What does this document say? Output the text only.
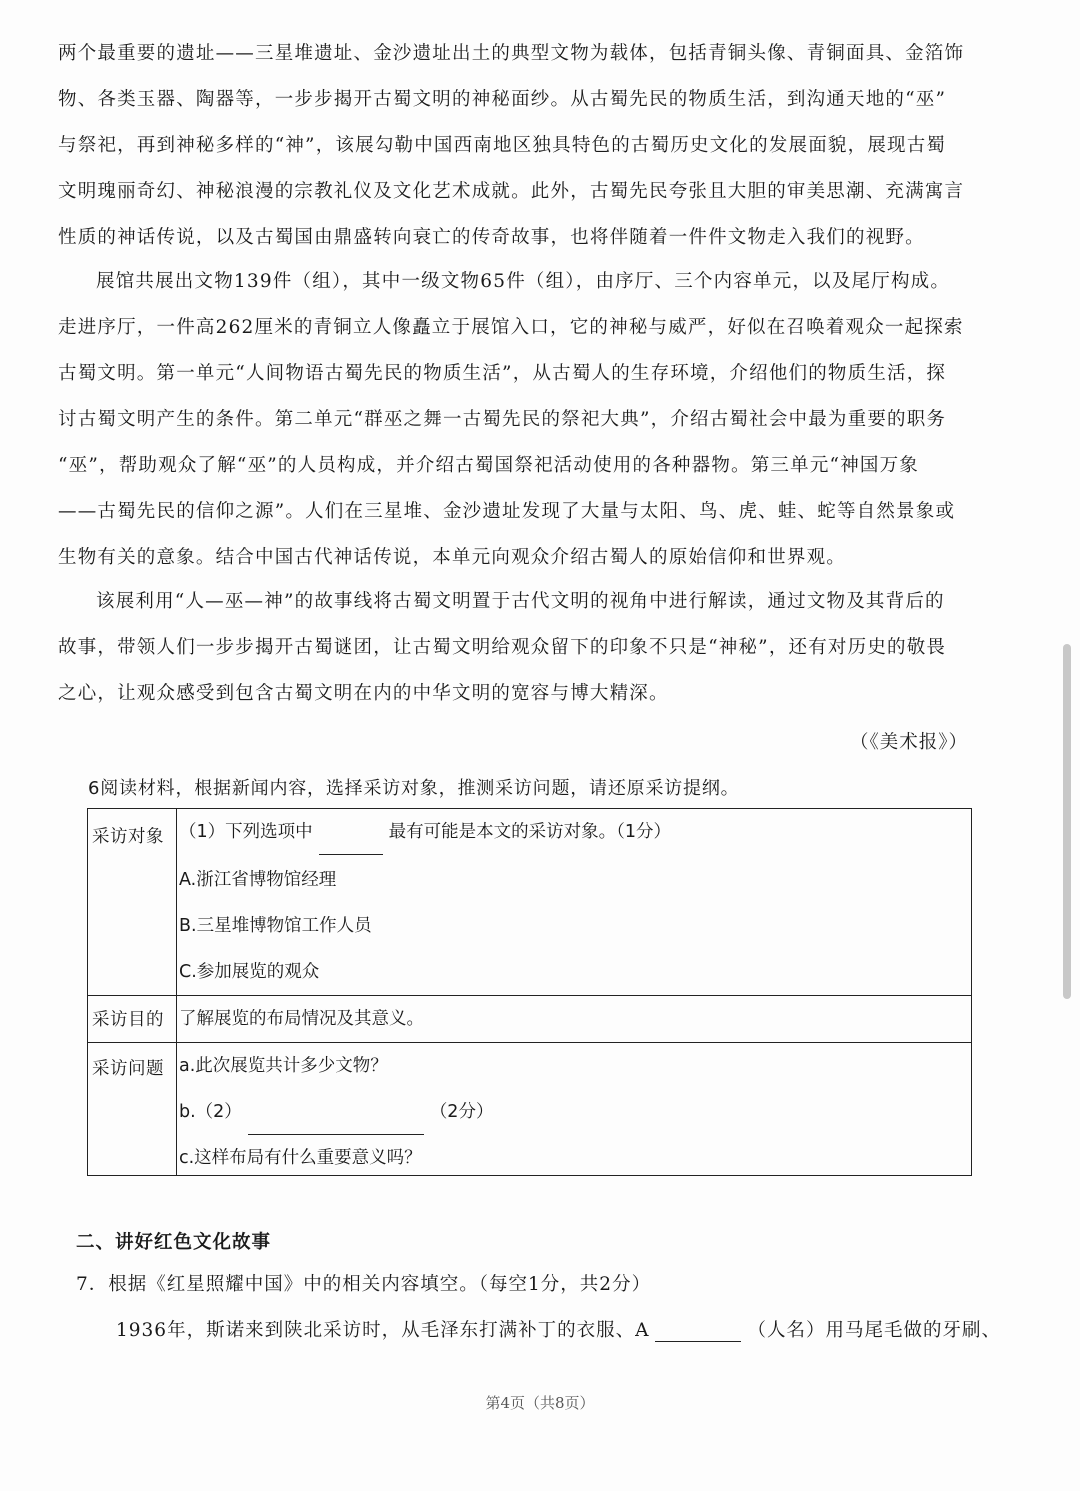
两个最重要的遗址——三星堆遗址、金沙遗址出土的典型文物为载体，包括青铜头像、青铜面具、金箔饰
物、各类玉器、陶器等，一步步揭开古蜀文明的神秘面纱。从古蜀先民的物质生活，到沟通天地的“巫”
与祭祀，再到神秘多样的“神”，该展勾勒中国西南地区独具特色的古蜀历史文化的发展面貌，展现古蜀
文明瑰丽奇幻、神秘浪漫的宗教礼仪及文化艺术成就。此外，古蜀先民夸张且大胆的审美思潮、充满寓言
性质的神话传说，以及古蜀国由鼎盛转向衰亡的传奇故事，也将伴随着一件件文物走入我们的视野。
展馆共展出文物139件（组），其中一级文物65件（组），由序厅、三个内容单元，以及尾厅构成。
走进序厅，一件高262厘米的青铜立人像矗立于展馆入口，它的神秘与威严，好似在召唤着观众一起探索
古蜀文明。第一单元“人间物语古蜀先民的物质生活”，从古蜀人的生存环境，介绍他们的物质生活，探
讨古蜀文明产生的条件。第二单元“群巫之舞一古蜀先民的祭祀大典”，介绍古蜀社会中最为重要的职务
“巫”，帮助观众了解“巫”的人员构成，并介绍古蜀国祭祀活动使用的各种器物。第三单元“神国万象
——古蜀先民的信仰之源”。人们在三星堆、金沙遗址发现了大量与太阳、鸟、虎、蛙、蛇等自然景象或
生物有关的意象。结合中国古代神话传说，本单元向观众介绍古蜀人的原始信仰和世界观。
该展利用“人—巫—神”的故事线将古蜀文明置于古代文明的视角中进行解读，通过文物及其背后的
故事，带领人们一步步揭开古蜀谜团，让古蜀文明给观众留下的印象不只是“神秘”，还有对历史的敬畏
之心，让观众感受到包含古蜀文明在内的中华文明的宽容与博大精深。
（《美术报》）
6阅读材料，根据新闻内容，选择采访对象，推测采访问题，请还原采访提纲。
采访对象	（1）下列选项中 最有可能是本文的采访对象。（1分）
A.浙江省博物馆经理
B.三星堆博物馆工作人员
C.参加展览的观众

采访目的	了解展览的布局情况及其意义。

采访问题	a.此次展览共计多少文物？
b.（2） （2分）
c.这样布局有什么重要意义吗？
二、讲好红色文化故事
7．根据《红星照耀中国》中的相关内容填空。（每空1分，共2分）
1936年，斯诺来到陕北采访时，从毛泽东打满补丁的衣服、A	（人名）用马尾毛做的牙刷、
第4页（共8页）
